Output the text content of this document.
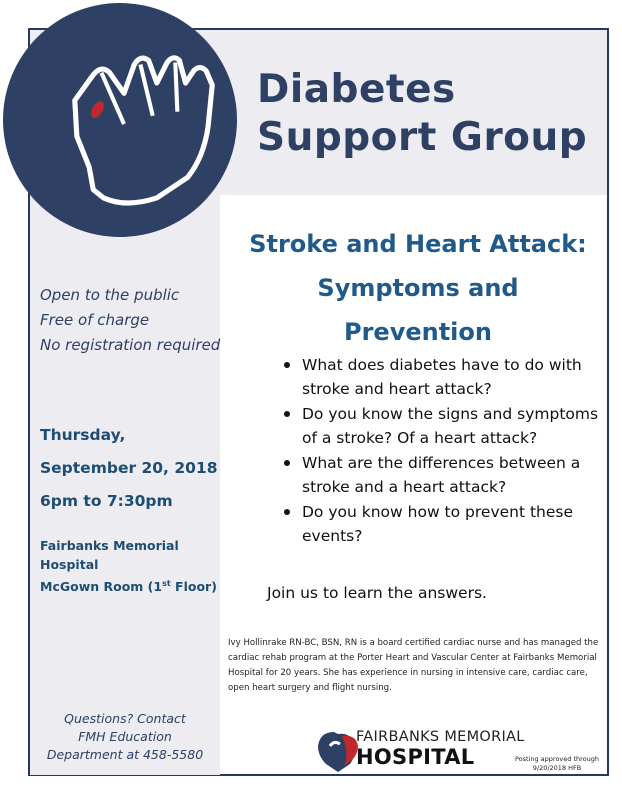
Diabetes
Support Group
Stroke and Heart Attack:
Symptoms and
Prevention
Open to the public
Free of charge
No registration required
Thursday,
September 20, 2018
6pm to 7:30pm
Fairbanks Memorial
Hospital
McGown Room (1st Floor)
Questions? Contact
FMH Education
Department at 458-5580
What does diabetes have to do with stroke and heart attack?
Do you know the signs and symptoms of a stroke? Of a heart attack?
What are the differences between a stroke and a heart attack?
Do you know how to prevent these events?
Join us to learn the answers.
Ivy Hollinrake RN-BC, BSN, RN is a board certified cardiac nurse and has managed the cardiac rehab program at the Porter Heart and Vascular Center at Fairbanks Memorial Hospital for 20 years. She has experience in nursing in intensive care, cardiac care, open heart surgery and flight nursing.
FAIRBANKS MEMORIAL
HOSPITAL	Posting approved through
9/20/2018 HFB
